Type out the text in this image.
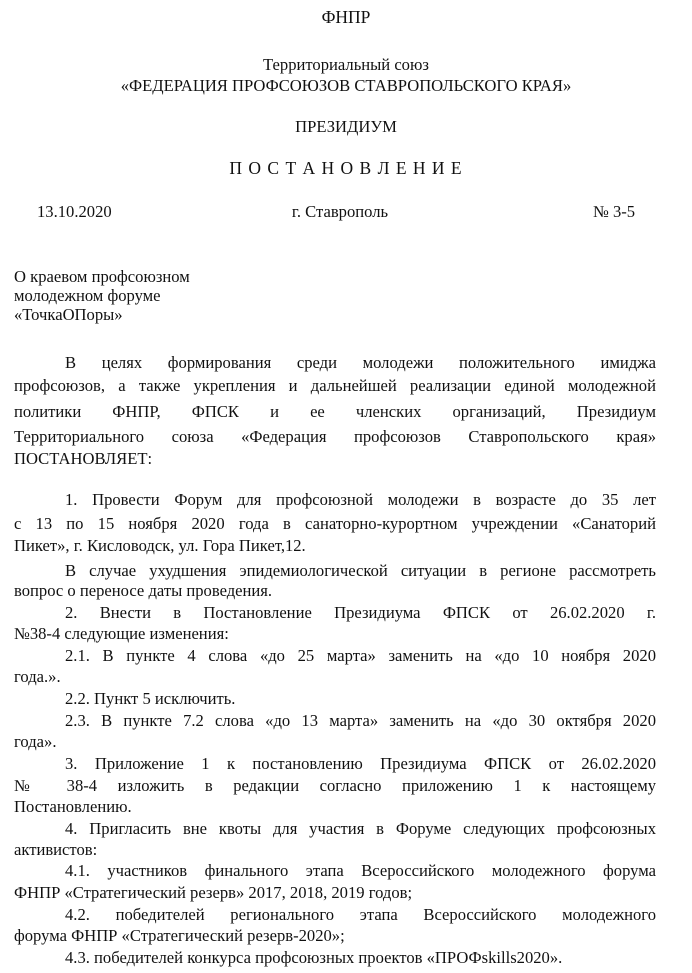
ФНПР
Территориальный союз
«ФЕДЕРАЦИЯ ПРОФСОЮЗОВ СТАВРОПОЛЬСКОГО КРАЯ»
ПРЕЗИДИУМ
П О С Т А Н О В Л Е Н И Е
13.10.2020	г. Ставрополь	№ 3-5
О краевом профсоюзном
молодежном форуме
«ТочкаОПоры»
В целях формирования среди молодежи положительного имиджа
профсоюзов, а также укрепления и дальнейшей реализации единой молодежной
политики ФНПР, ФПСК и ее членских организаций, Президиум
Территориального союза «Федерация профсоюзов Ставропольского края»
ПОСТАНОВЛЯЕТ:
1. Провести Форум для профсоюзной молодежи в возрасте до 35 лет
с 13 по 15 ноября 2020 года в санаторно-курортном учреждении «Санаторий
Пикет», г. Кисловодск, ул. Гора Пикет,12.
В случае ухудшения эпидемиологической ситуации в регионе рассмотреть
вопрос о переносе даты проведения.
2. Внести в Постановление Президиума ФПСК от 26.02.2020 г.
№38-4 следующие изменения:
2.1. В пункте 4 слова «до 25 марта» заменить на «до 10 ноября 2020
года.».
2.2. Пункт 5 исключить.
2.3. В пункте 7.2 слова «до 13 марта» заменить на «до 30 октября 2020
года».
3. Приложение 1 к постановлению Президиума ФПСК от 26.02.2020
№ 38-4 изложить в редакции согласно приложению 1 к настоящему
Постановлению.
4. Пригласить вне квоты для участия в Форуме следующих профсоюзных
активистов:
4.1. участников финального этапа Всероссийского молодежного форума
ФНПР «Стратегический резерв» 2017, 2018, 2019 годов;
4.2. победителей регионального этапа Всероссийского молодежного
форума ФНПР «Стратегический резерв-2020»;
4.3. победителей конкурса профсоюзных проектов «ПРОФskills2020».
